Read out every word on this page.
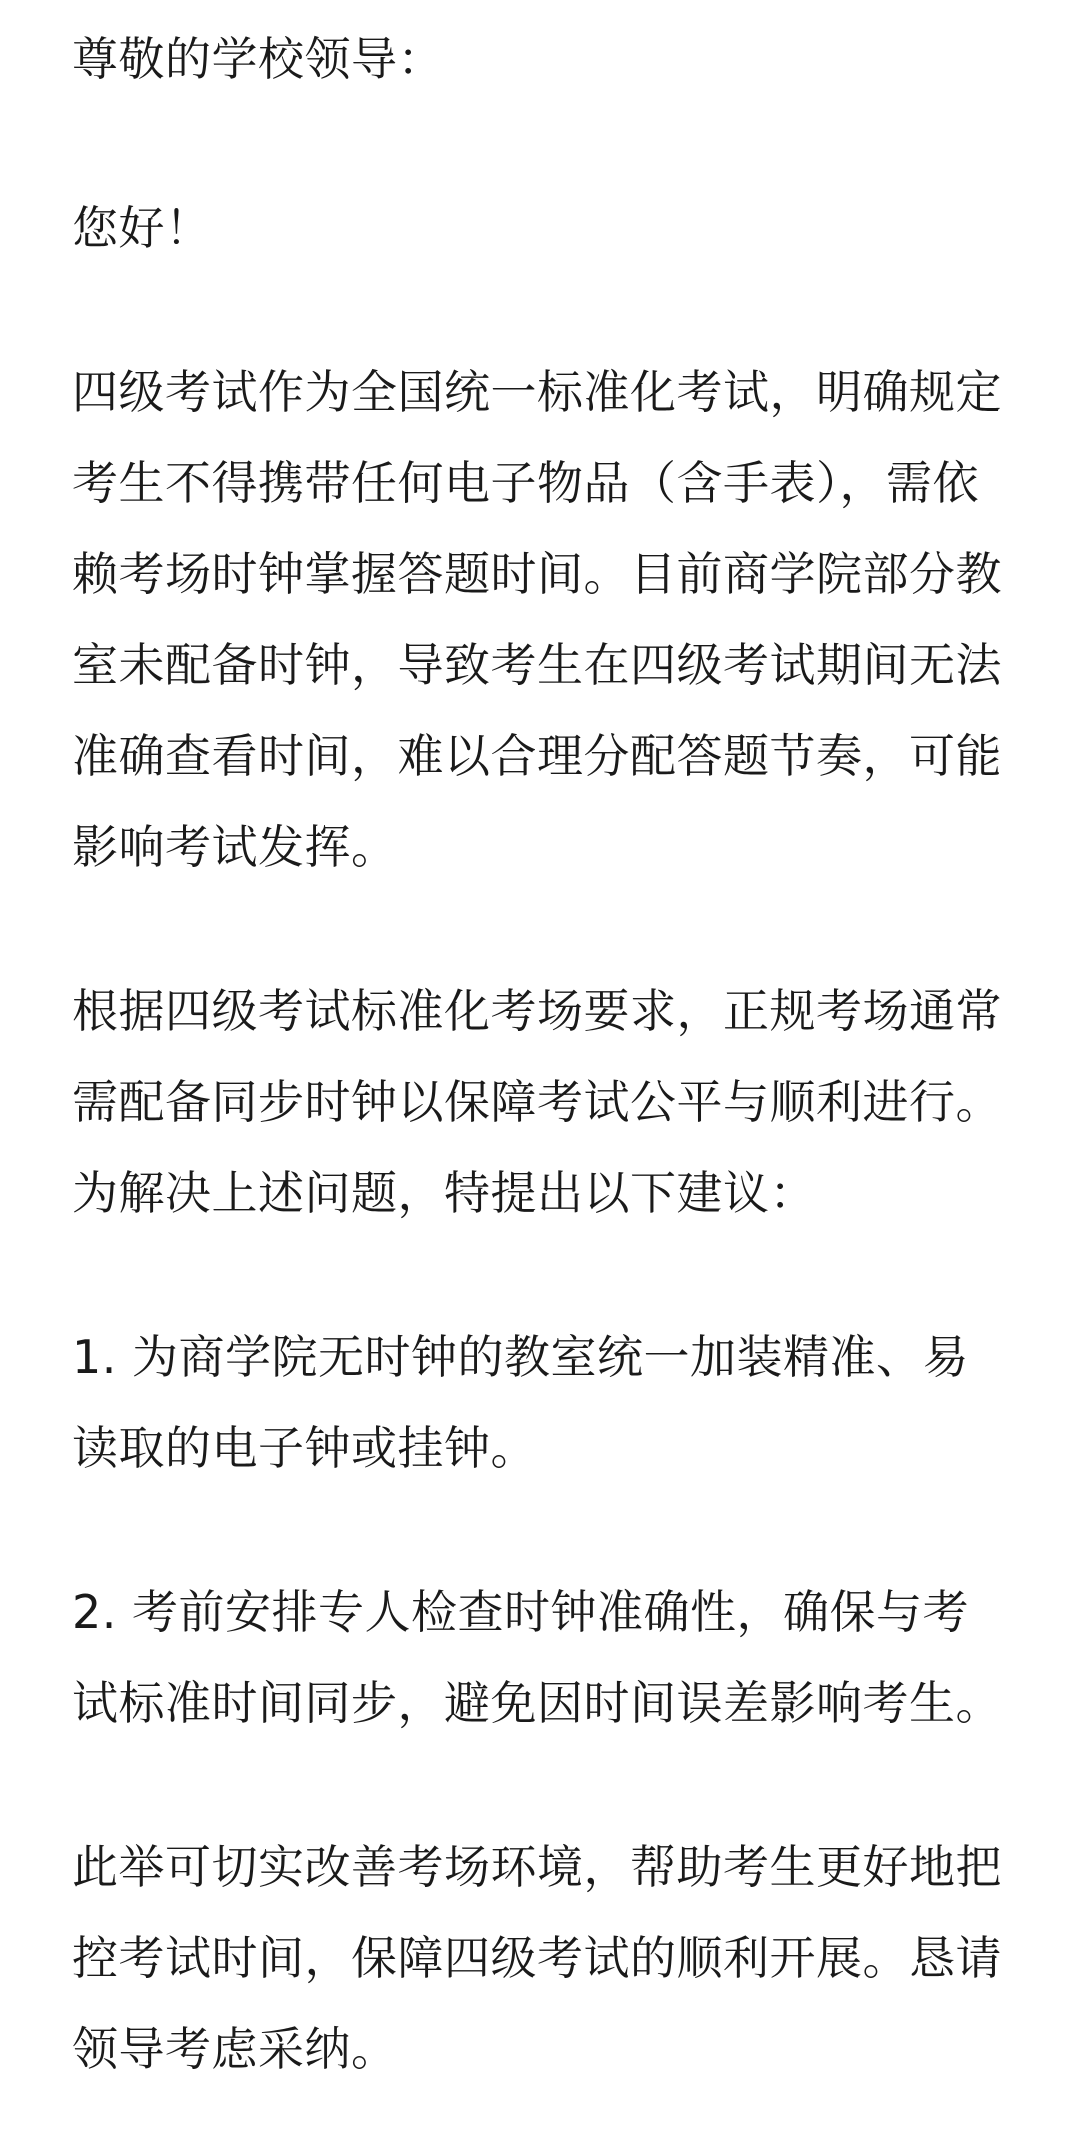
尊敬的学校领导：

您好！

四级考试作为全国统一标准化考试，明确规定考生不得携带任何电子物品（含手表），需依赖考场时钟掌握答题时间。目前商学院部分教室未配备时钟，导致考生在四级考试期间无法准确查看时间，难以合理分配答题节奏，可能影响考试发挥。

根据四级考试标准化考场要求，正规考场通常需配备同步时钟以保障考试公平与顺利进行。为解决上述问题，特提出以下建议：

1. 为商学院无时钟的教室统一加装精准、易读取的电子钟或挂钟。

2. 考前安排专人检查时钟准确性，确保与考试标准时间同步，避免因时间误差影响考生。

此举可切实改善考场环境，帮助考生更好地把控考试时间，保障四级考试的顺利开展。恳请领导考虑采纳。
